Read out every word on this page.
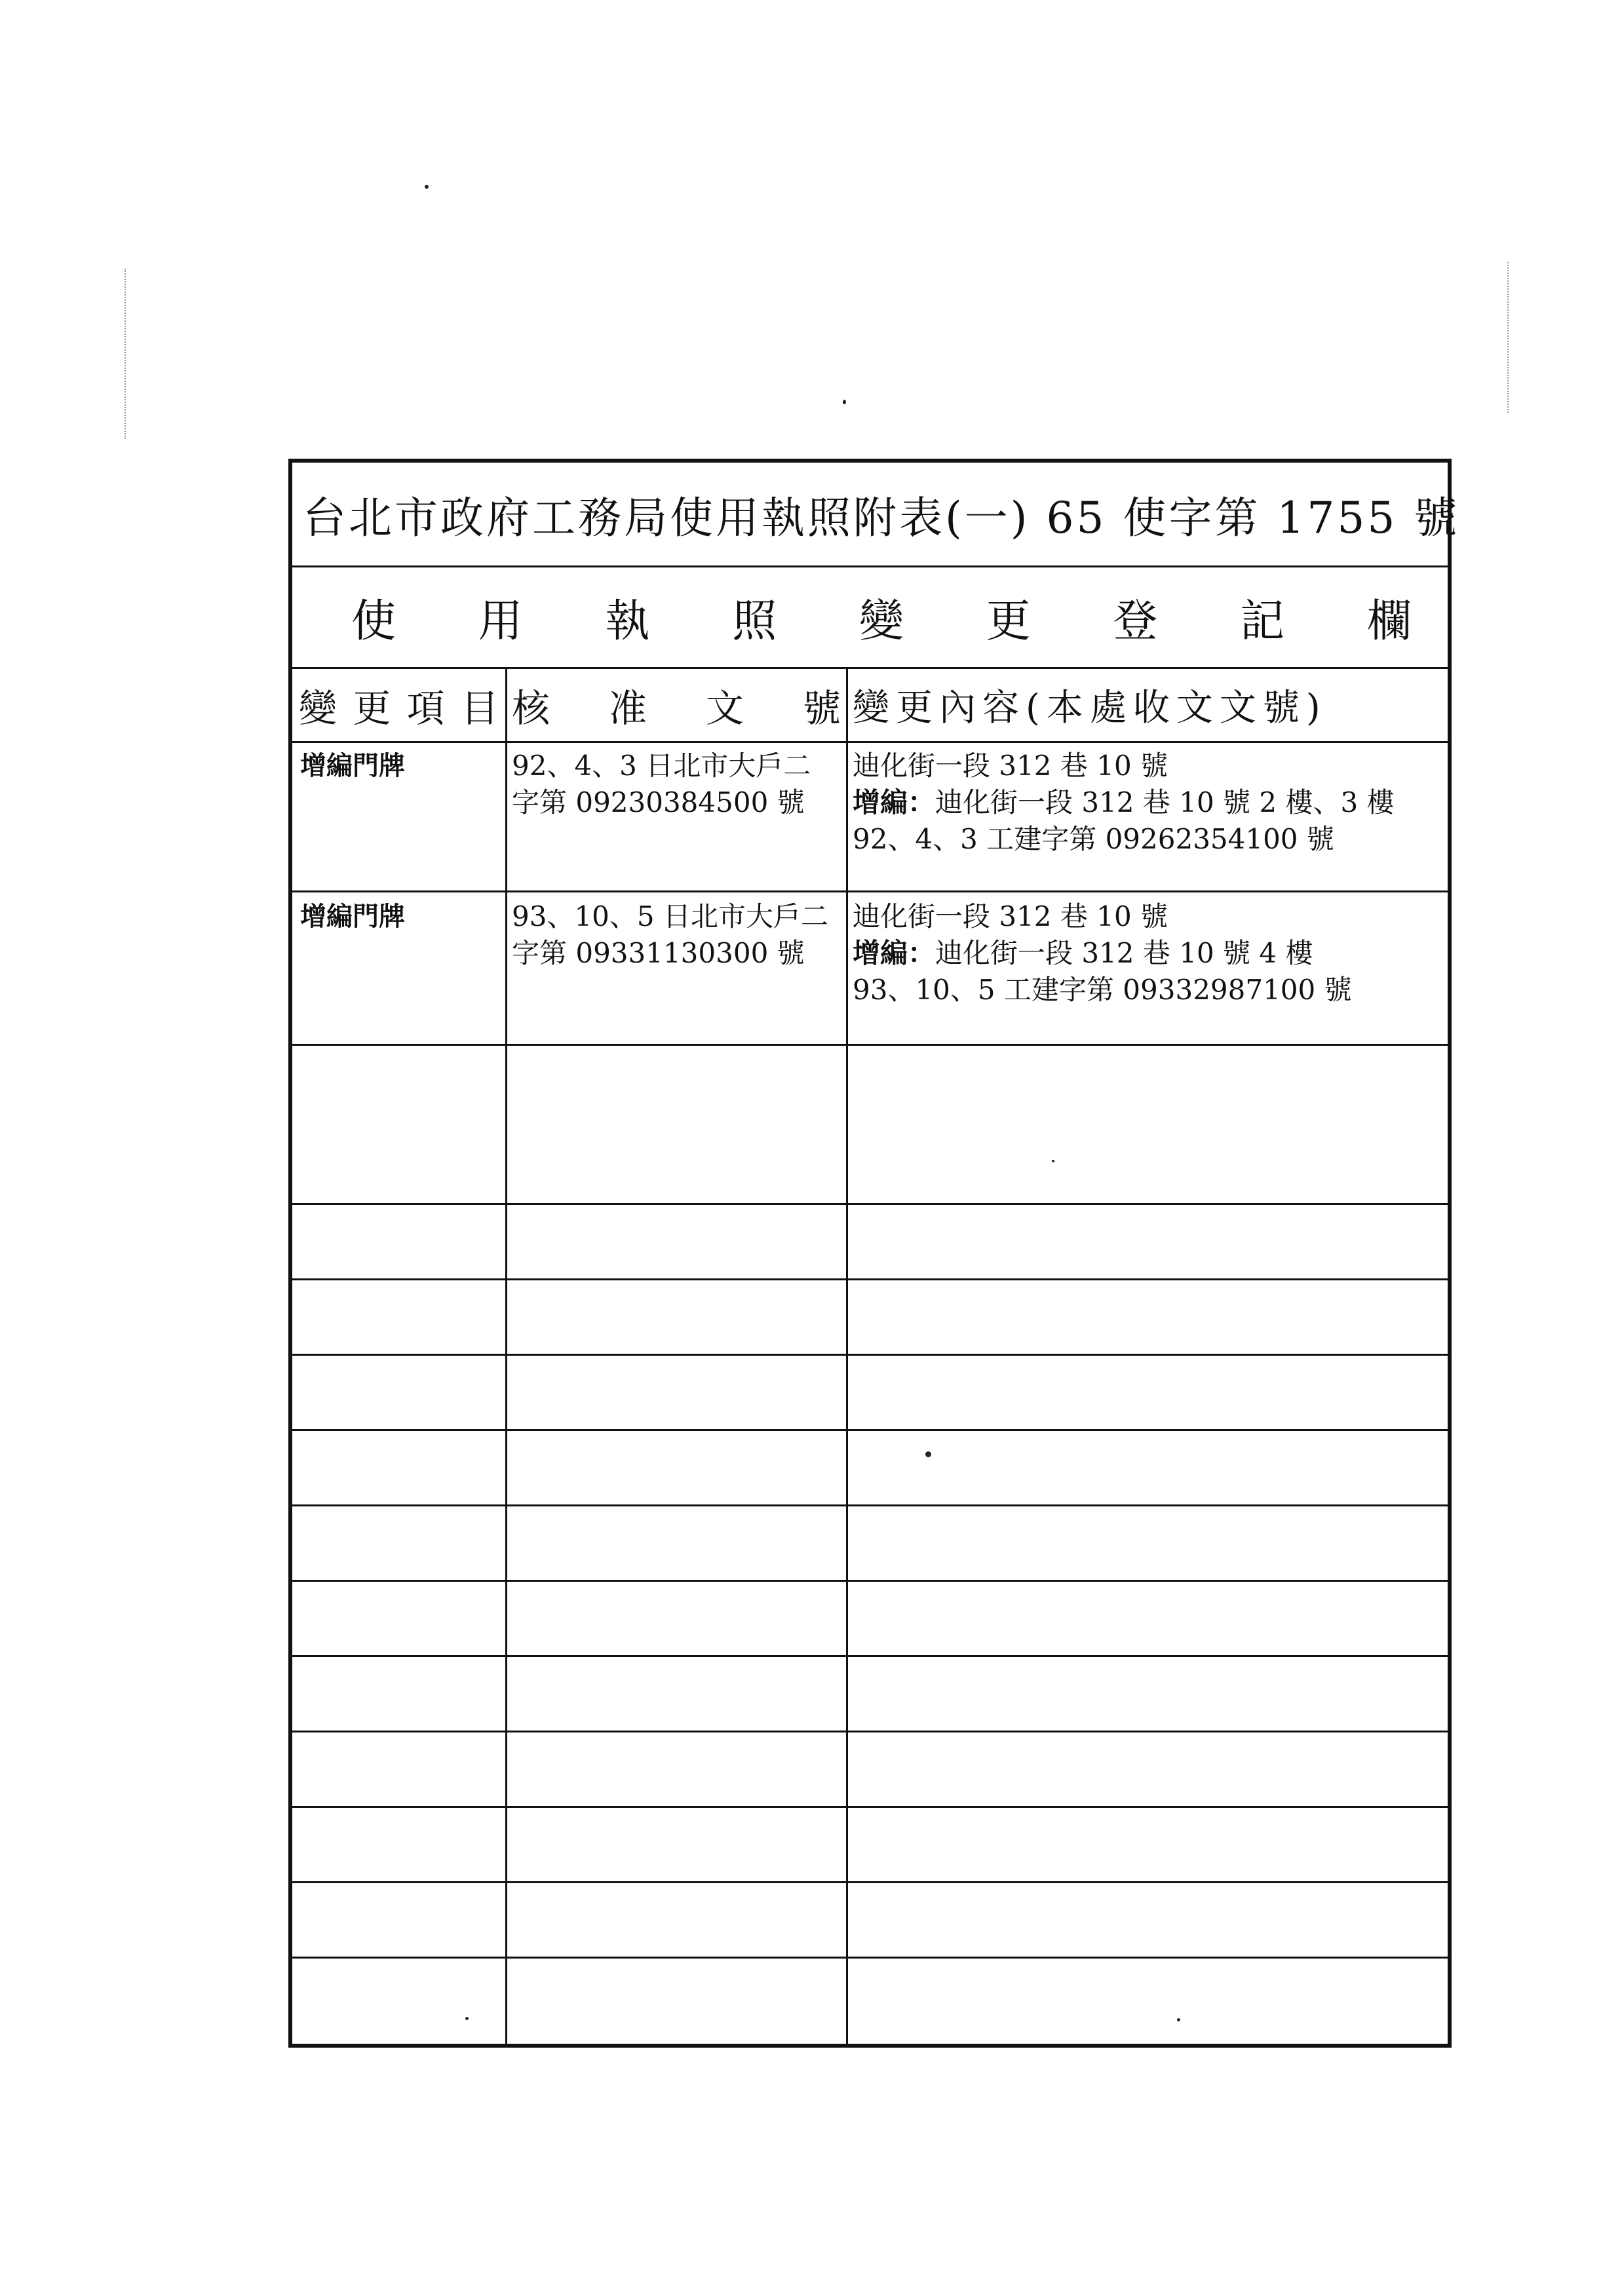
台北市政府工務局使用執照附表(一) 65 使字第 1755 號
使 用 執 照 變 更 登 記 欄
變 更 項 目 核 准 文 號 變更內容(本處收文文號)
增編門牌	92、4、3 日北市大戶二
字第 09230384500 號
迪化街一段 312 巷 10 號
增編：迪化街一段 312 巷 10 號 2 樓、3 樓
92、4、3 工建字第 09262354100 號
增編門牌	93、10、5 日北市大戶二
字第 09331130300 號
迪化街一段 312 巷 10 號
增編：迪化街一段 312 巷 10 號 4 樓
93、10、5 工建字第 09332987100 號
